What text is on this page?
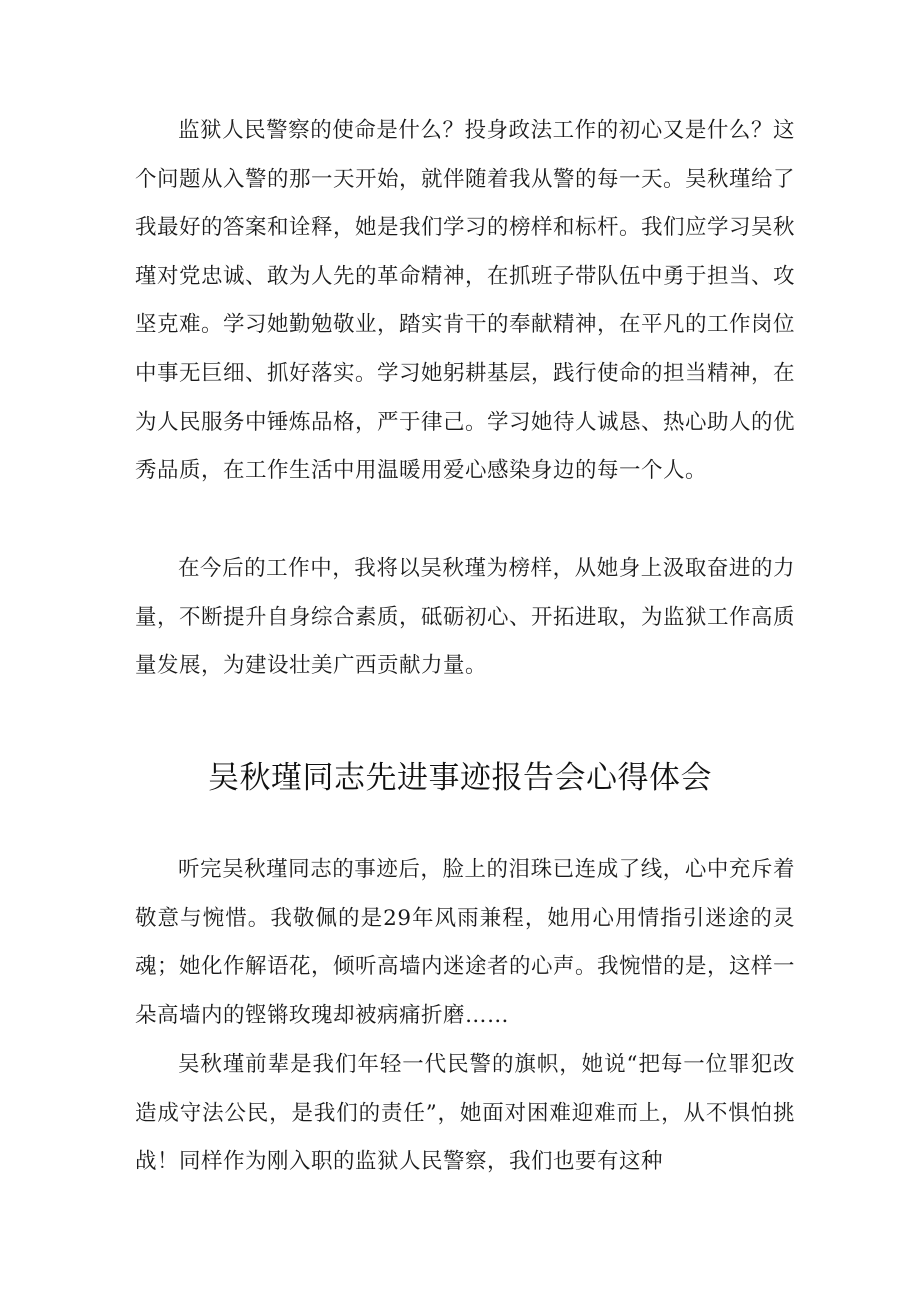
监狱人民警察的使命是什么？投身政法工作的初心又是什么？这个问题从入警的那一天开始，就伴随着我从警的每一天。吴秋瑾给了我最好的答案和诠释，她是我们学习的榜样和标杆。我们应学习吴秋瑾对党忠诚、敢为人先的革命精神，在抓班子带队伍中勇于担当、攻坚克难。学习她勤勉敬业，踏实肯干的奉献精神，在平凡的工作岗位中事无巨细、抓好落实。学习她躬耕基层，践行使命的担当精神，在为人民服务中锤炼品格，严于律己。学习她待人诚恳、热心助人的优秀品质，在工作生活中用温暖用爱心感染身边的每一个人。

在今后的工作中，我将以吴秋瑾为榜样，从她身上汲取奋进的力量，不断提升自身综合素质，砥砺初心、开拓进取，为监狱工作高质量发展，为建设壮美广西贡献力量。

吴秋瑾同志先进事迹报告会心得体会

听完吴秋瑾同志的事迹后，脸上的泪珠已连成了线，心中充斥着敬意与惋惜。我敬佩的是29年风雨兼程，她用心用情指引迷途的灵魂；她化作解语花，倾听高墙内迷途者的心声。我惋惜的是，这样一朵高墙内的铿锵玫瑰却被病痛折磨……

吴秋瑾前辈是我们年轻一代民警的旗帜，她说“把每一位罪犯改造成守法公民，是我们的责任”，她面对困难迎难而上，从不惧怕挑战！同样作为刚入职的监狱人民警察，我们也要有这种
